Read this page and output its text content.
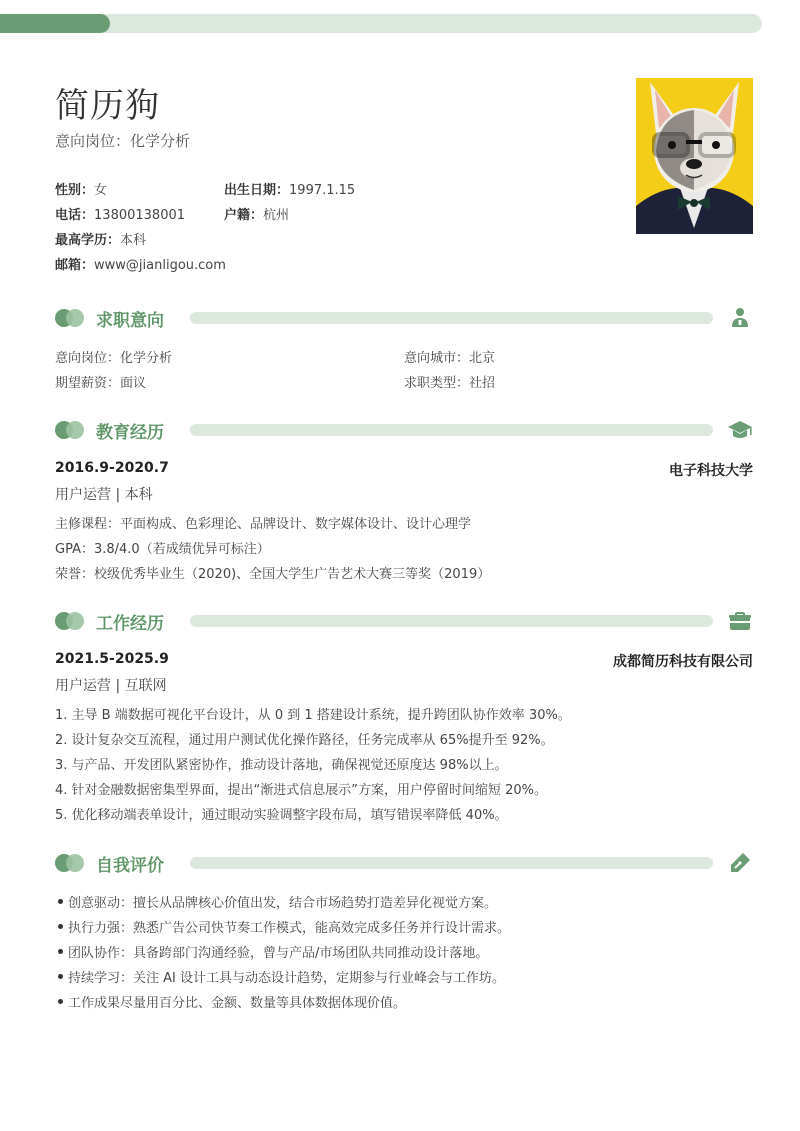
简历狗
意向岗位：化学分析
性别：女	出生日期：1997.1.15
电话：13800138001	户籍：杭州
最高学历：本科
邮箱：www@jianligou.com
求职意向
意向岗位：化学分析	意向城市：北京
期望薪资：面议	求职类型：社招
教育经历
2016.9-2020.7	电子科技大学
用户运营 | 本科
主修课程：平面构成、色彩理论、品牌设计、数字媒体设计、设计心理学
GPA：3.8/4.0（若成绩优异可标注）
荣誉：校级优秀毕业生（2020)、全国大学生广告艺术大赛三等奖（2019）
工作经历
2021.5-2025.9	成都简历科技有限公司
用户运营 | 互联网
1. 主导 B 端数据可视化平台设计，从 0 到 1 搭建设计系统，提升跨团队协作效率 30%。
2. 设计复杂交互流程，通过用户测试优化操作路径，任务完成率从 65%提升至 92%。
3. 与产品、开发团队紧密协作，推动设计落地，确保视觉还原度达 98%以上。
4. 针对金融数据密集型界面，提出“渐进式信息展示”方案，用户停留时间缩短 20%。
5. 优化移动端表单设计，通过眼动实验调整字段布局，填写错误率降低 40%。
自我评价
创意驱动：擅长从品牌核心价值出发，结合市场趋势打造差异化视觉方案。
执行力强：熟悉广告公司快节奏工作模式，能高效完成多任务并行设计需求。
团队协作：具备跨部门沟通经验，曾与产品/市场团队共同推动设计落地。
持续学习：关注 AI 设计工具与动态设计趋势，定期参与行业峰会与工作坊。
工作成果尽量用百分比、金额、数量等具体数据体现价值。
